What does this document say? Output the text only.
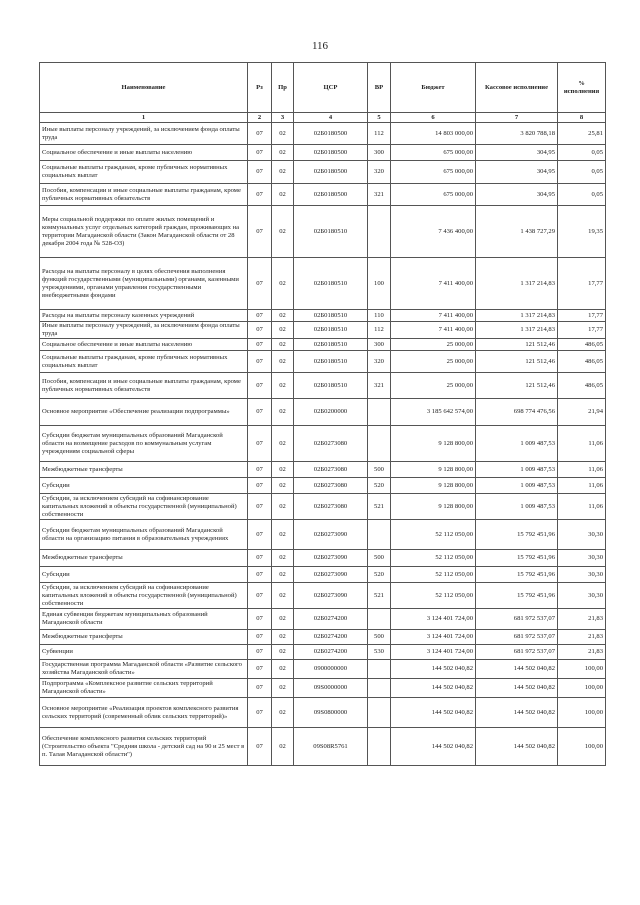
116
Наименование	Рз	Пр	ЦСР	ВР	Бюджет	Кассовое исполнение	% исполнения
1	2	3	4	5	6	7	8
Иные выплаты персоналу учреждений, за исключением фонда оплаты труда	07	02	02Б0180500	112	14 803 000,00	3 820 788,18	25,81
Социальное обеспечение и иные выплаты населению	07	02	02Б0180500	300	675 000,00	304,95	0,05
Социальные выплаты гражданам, кроме публичных нормативных социальных выплат	07	02	02Б0180500	320	675 000,00	304,95	0,05
Пособия, компенсации и иные социальные выплаты гражданам, кроме публичных нормативных обязательств	07	02	02Б0180500	321	675 000,00	304,95	0,05
Меры социальной поддержки по оплате жилых помещений и коммунальных услуг отдельных категорий граждан, проживающих на территории Магаданской области (Закон Магаданской области от 28 декабря 2004 года № 528-ОЗ)	07	02	02Б0180510		7 436 400,00	1 438 727,29	19,35
Расходы на выплаты персоналу в целях обеспечения выполнения функций государственными (муниципальными) органами, казенными учреждениями, органами управления государственными внебюджетными фондами	07	02	02Б0180510	100	7 411 400,00	1 317 214,83	17,77
Расходы на выплаты персоналу казенных учреждений	07	02	02Б0180510	110	7 411 400,00	1 317 214,83	17,77
Иные выплаты персоналу учреждений, за исключением фонда оплаты труда	07	02	02Б0180510	112	7 411 400,00	1 317 214,83	17,77
Социальное обеспечение и иные выплаты населению	07	02	02Б0180510	300	25 000,00	121 512,46	486,05
Социальные выплаты гражданам, кроме публичных нормативных социальных выплат	07	02	02Б0180510	320	25 000,00	121 512,46	486,05
Пособия, компенсации и иные социальные выплаты гражданам, кроме публичных нормативных обязательств	07	02	02Б0180510	321	25 000,00	121 512,46	486,05
Основное мероприятие «Обеспечение реализации подпрограммы»	07	02	02Б0200000		3 185 642 574,00	698 774 476,56	21,94
Субсидии бюджетам муниципальных образований Магаданской области на возмещение расходов по коммунальным услугам учреждениям социальной сферы	07	02	02Б0273080		9 128 800,00	1 009 487,53	11,06
Межбюджетные трансферты	07	02	02Б0273080	500	9 128 800,00	1 009 487,53	11,06
Субсидии	07	02	02Б0273080	520	9 128 800,00	1 009 487,53	11,06
Субсидии, за исключением субсидий на софинансирование капитальных вложений в объекты государственной (муниципальной) собственности	07	02	02Б0273080	521	9 128 800,00	1 009 487,53	11,06
Субсидии бюджетам муниципальных образований Магаданской области на организацию питания в образовательных учреждениях	07	02	02Б0273090		52 112 050,00	15 792 451,96	30,30
Межбюджетные трансферты	07	02	02Б0273090	500	52 112 050,00	15 792 451,96	30,30
Субсидии	07	02	02Б0273090	520	52 112 050,00	15 792 451,96	30,30
Субсидии, за исключением субсидий на софинансирование капитальных вложений в объекты государственной (муниципальной) собственности	07	02	02Б0273090	521	52 112 050,00	15 792 451,96	30,30
Единая субвенция бюджетам муниципальных образований Магаданской области	07	02	02Б0274200		3 124 401 724,00	681 972 537,07	21,83
Межбюджетные трансферты	07	02	02Б0274200	500	3 124 401 724,00	681 972 537,07	21,83
Субвенции	07	02	02Б0274200	530	3 124 401 724,00	681 972 537,07	21,83
Государственная программа Магаданской области «Развитие сельского хозяйства Магаданской области»	07	02	0900000000		144 502 040,82	144 502 040,82	100,00
Подпрограмма «Комплексное развитие сельских территорий Магаданской области»	07	02	09S0000000		144 502 040,82	144 502 040,82	100,00
Основное мероприятие «Реализация проектов комплексного развития сельских территорий (современный облик сельских территорий)»	07	02	09S0800000		144 502 040,82	144 502 040,82	100,00
Обеспечение комплексного развития сельских территорий (Строительство объекта "Средняя школа - детский сад на 90 и 25 мест в п. Талая Магаданской области")	07	02	09S08R5761		144 502 040,82	144 502 040,82	100,00
